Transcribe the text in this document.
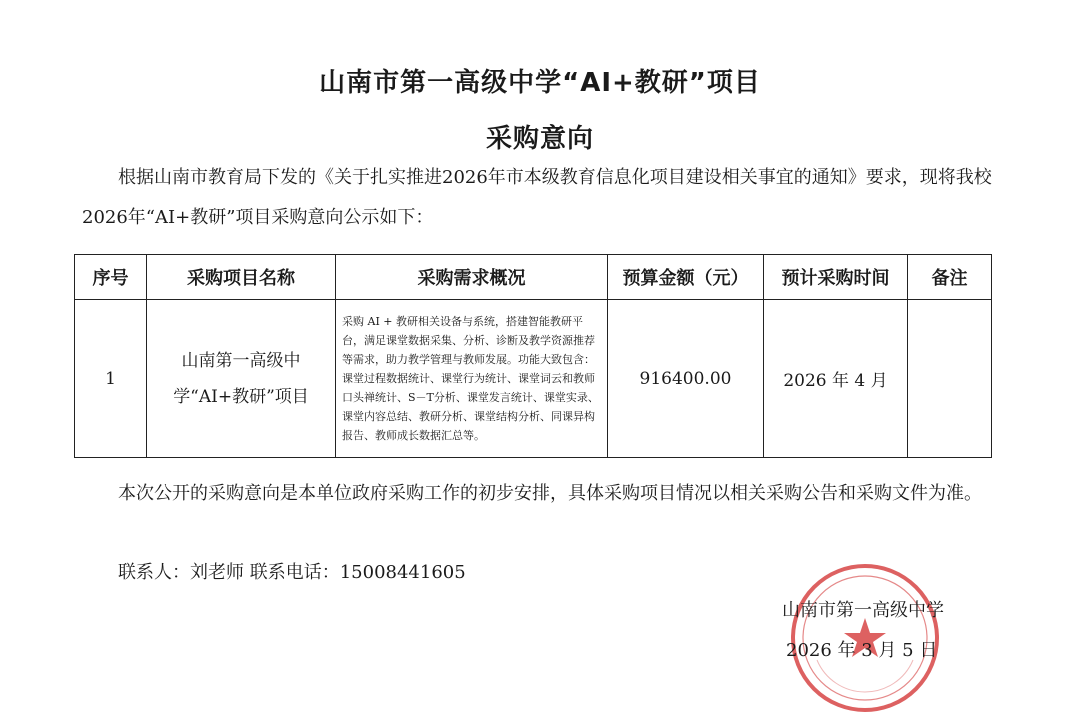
山南市第一高级中学“AI+教研”项目
采购意向

根据山南市教育局下发的《关于扎实推进2026年市本级教育信息化项目建设相关事宜的通知》要求，现将我校2026年“AI+教研”项目采购意向公示如下：

序号	采购项目名称	采购需求概况	预算金额（元）	预计采购时间	备注
1	山南第一高级中学“AI+教研”项目	采购 AI + 教研相关设备与系统，搭建智能教研平台，满足课堂数据采集、分析、诊断及教学资源推荐等需求，助力教学管理与教师发展。功能大致包含：课堂过程数据统计、课堂行为统计、课堂词云和教师口头禅统计、S－T分析、课堂发言统计、课堂实录、课堂内容总结、教研分析、课堂结构分析、同课异构报告、教师成长数据汇总等。	916400.00	2026 年 4 月	

本次公开的采购意向是本单位政府采购工作的初步安排，具体采购项目情况以相关采购公告和采购文件为准。

联系人：刘老师 联系电话：15008441605
山南市第一高级中学
2026 年 3 月 5 日
